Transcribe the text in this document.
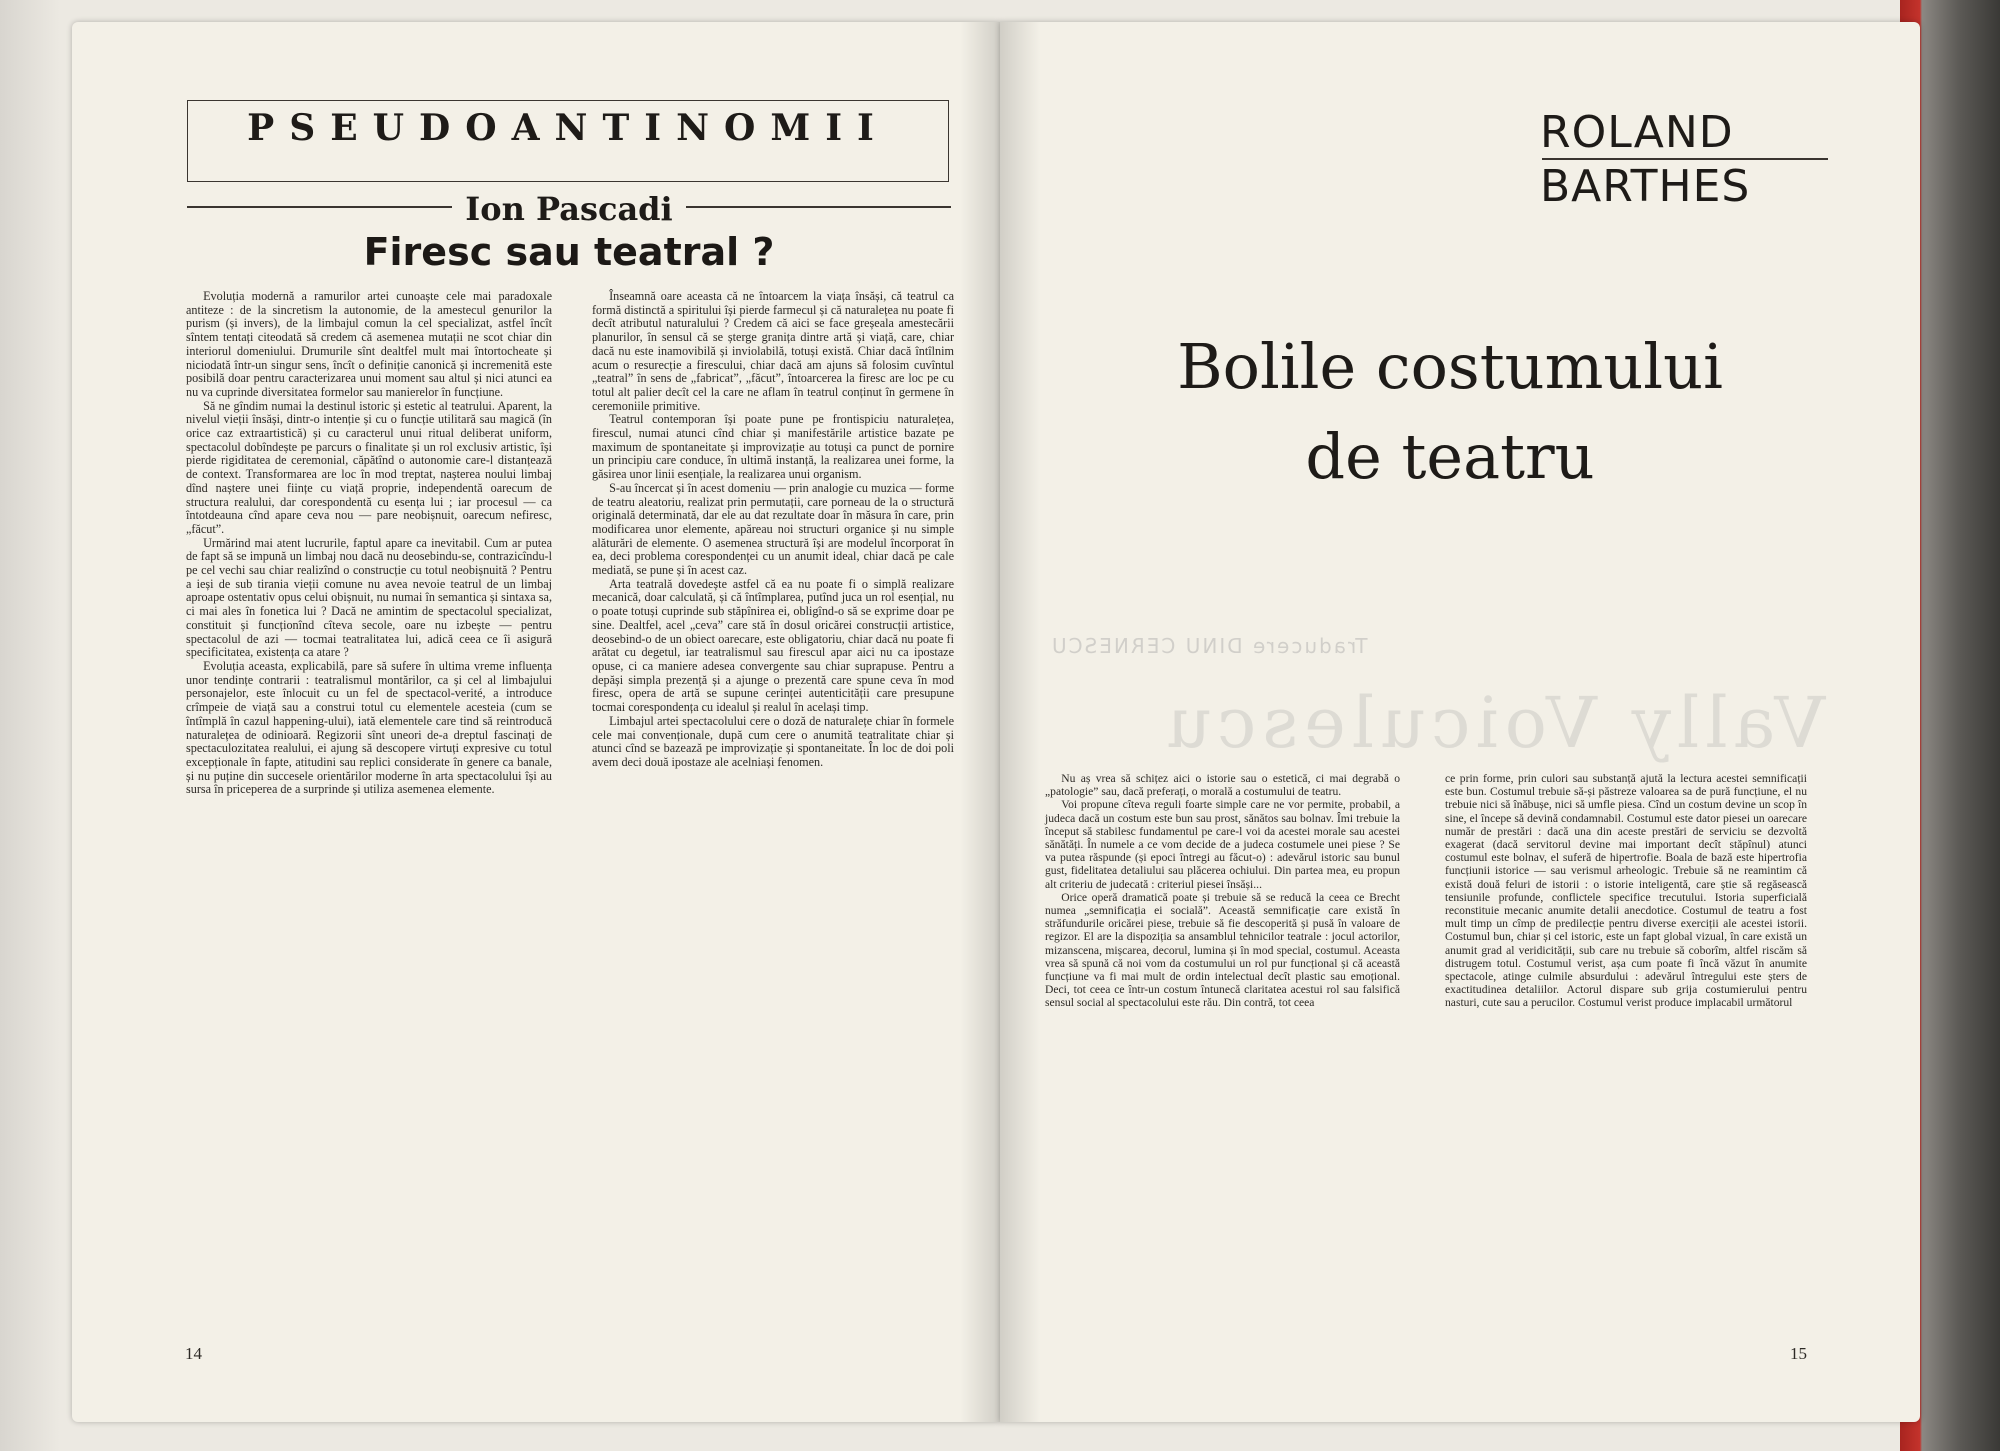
PSEUDOANTINOMII
Ion Pascadi
Firesc sau teatral ?

Evoluția modernă a ramurilor artei cunoaște cele mai paradoxale antiteze : de la sincretism la autonomie, de la amestecul genurilor la purism (și invers), de la limbajul comun la cel specializat, astfel încît sîntem tentați citeodată să credem că asemenea mutații ne scot chiar din interiorul domeniului. Drumurile sînt dealtfel mult mai întortocheate și niciodată într-un singur sens, încît o definiție canonică și incremenită este posibilă doar pentru caracterizarea unui moment sau altul și nici atunci ea nu va cuprinde diversitatea formelor sau manierelor în funcțiune.

Să ne gîndim numai la destinul istoric și estetic al teatrului. Aparent, la nivelul vieții însăși, dintr-o intenție și cu o funcție utilitară sau magică (în orice caz extraartistică) și cu caracterul unui ritual deliberat uniform, spectacolul dobîndește pe parcurs o finalitate și un rol exclusiv artistic, își pierde rigiditatea de ceremonial, căpătînd o autonomie care-l distanțează de context. Transformarea are loc în mod treptat, nașterea noului limbaj dînd naștere unei ființe cu viață proprie, independentă oarecum de structura realului, dar corespondentă cu esența lui ; iar procesul — ca întotdeauna cînd apare ceva nou — pare neobișnuit, oarecum nefiresc, „făcut”.

Urmărind mai atent lucrurile, faptul apare ca inevitabil. Cum ar putea de fapt să se impună un limbaj nou dacă nu deosebindu-se, contrazicîndu-l pe cel vechi sau chiar realizînd o construcție cu totul neobișnuită ? Pentru a ieși de sub tirania vieții comune nu avea nevoie teatrul de un limbaj aproape ostentativ opus celui obișnuit, nu numai în semantica și sintaxa sa, ci mai ales în fonetica lui ? Dacă ne amintim de spectacolul specializat, constituit și funcționînd cîteva secole, oare nu izbește — pentru spectacolul de azi — tocmai teatralitatea lui, adică ceea ce îi asigură specificitatea, existența ca atare ?

Evoluția aceasta, explicabilă, pare să sufere în ultima vreme influența unor tendințe contrarii : teatralismul montărilor, ca și cel al limbajului personajelor, este înlocuit cu un fel de spectacol-verité, a introduce crîmpeie de viață sau a construi totul cu elementele acesteia (cum se întîmplă în cazul happening-ului), iată elementele care tind să reintroducă naturalețea de odinioară. Regizorii sînt uneori de-a dreptul fascinați de spectaculozitatea realului, ei ajung să descopere virtuți expresive cu totul excepționale în fapte, atitudini sau replici considerate în genere ca banale, și nu puține din succesele orientărilor moderne în arta spectacolului își au sursa în priceperea de a surprinde și utiliza asemenea elemente.

Înseamnă oare aceasta că ne întoarcem la viața însăși, că teatrul ca formă distinctă a spiritului își pierde farmecul și că naturalețea nu poate fi decît atributul naturalului ? Credem că aici se face greșeala amestecării planurilor, în sensul că se șterge granița dintre artă și viață, care, chiar dacă nu este inamovibilă și inviolabilă, totuși există. Chiar dacă întîlnim acum o resurecție a firescului, chiar dacă am ajuns să folosim cuvîntul „teatral” în sens de „fabricat”, „făcut”, întoarcerea la firesc are loc pe cu totul alt palier decît cel la care ne aflam în teatrul conținut în germene în ceremoniile primitive.

Teatrul contemporan își poate pune pe frontispiciu naturalețea, firescul, numai atunci cînd chiar și manifestările artistice bazate pe maximum de spontaneitate și improvizație au totuși ca punct de pornire un principiu care conduce, în ultimă instanță, la realizarea unei forme, la găsirea unor linii esențiale, la realizarea unui organism.

S-au încercat și în acest domeniu — prin analogie cu muzica — forme de teatru aleatoriu, realizat prin permutații, care porneau de la o structură originală determinată, dar ele au dat rezultate doar în măsura în care, prin modificarea unor elemente, apăreau noi structuri organice și nu simple alăturări de elemente. O asemenea structură își are modelul încorporat în ea, deci problema corespondenței cu un anumit ideal, chiar dacă pe cale mediată, se pune și în acest caz.

Arta teatrală dovedește astfel că ea nu poate fi o simplă realizare mecanică, doar calculată, și că întîmplarea, putînd juca un rol esențial, nu o poate totuși cuprinde sub stăpînirea ei, obligînd-o să se exprime doar pe sine. Dealtfel, acel „ceva” care stă în dosul oricărei construcții artistice, deosebind-o de un obiect oarecare, este obligatoriu, chiar dacă nu poate fi arătat cu degetul, iar teatralismul sau firescul apar aici nu ca ipostaze opuse, ci ca maniere adesea convergente sau chiar suprapuse. Pentru a depăși simpla prezență și a ajunge o prezentă care spune ceva în mod firesc, opera de artă se supune cerinței autenticității care presupune tocmai corespondența cu idealul și realul în același timp.

Limbajul artei spectacolului cere o doză de naturalețe chiar în formele cele mai convenționale, după cum cere o anumită teatralitate chiar și atunci cînd se bazează pe improvizație și spontaneitate. În loc de doi poli avem deci două ipostaze ale acelniași fenomen.

14
ROLAND
BARTHES
Bolile costumului
de teatru
Traducere DINU CERNESCU
Vally Voiculescu

Nu aș vrea să schițez aici o istorie sau o estetică, ci mai degrabă o „patologie” sau, dacă preferați, o morală a costumului de teatru.

Voi propune cîteva reguli foarte simple care ne vor permite, probabil, a judeca dacă un costum este bun sau prost, sănătos sau bolnav. Îmi trebuie la început să stabilesc fundamentul pe care-l voi da acestei morale sau acestei sănătăți. În numele a ce vom decide de a judeca costumele unei piese ? Se va putea răspunde (și epoci întregi au făcut-o) : adevărul istoric sau bunul gust, fidelitatea detaliului sau plăcerea ochiului. Din partea mea, eu propun alt criteriu de judecată : criteriul piesei însăși...

Orice operă dramatică poate și trebuie să se reducă la ceea ce Brecht numea „semnificația ei socială”. Această semnificație care există în străfundurile oricărei piese, trebuie să fie descoperită și pusă în valoare de regizor. El are la dispoziția sa ansamblul tehnicilor teatrale : jocul actorilor, mizanscena, mișcarea, decorul, lumina și în mod special, costumul. Aceasta vrea să spună că noi vom da costumului un rol pur funcțional și că această funcțiune va fi mai mult de ordin intelectual decît plastic sau emoțional. Deci, tot ceea ce într-un costum întunecă claritatea acestui rol sau falsifică sensul social al spectacolului este rău. Din contră, tot ceea

ce prin forme, prin culori sau substanță ajută la lectura acestei semnificații este bun. Costumul trebuie să-și păstreze valoarea sa de pură funcțiune, el nu trebuie nici să înăbușe, nici să umfle piesa. Cînd un costum devine un scop în sine, el începe să devină condamnabil. Costumul este dator piesei un oarecare număr de prestări : dacă una din aceste prestări de serviciu se dezvoltă exagerat (dacă servitorul devine mai important decît stăpînul) atunci costumul este bolnav, el suferă de hipertrofie. Boala de bază este hipertrofia funcțiunii istorice — sau verismul arheologic. Trebuie să ne reamintim că există două feluri de istorii : o istorie inteligentă, care știe să regăsească tensiunile profunde, conflictele specifice trecutului. Istoria superficială reconstituie mecanic anumite detalii anecdotice. Costumul de teatru a fost mult timp un cîmp de predilecție pentru diverse exerciții ale acestei istorii. Costumul bun, chiar și cel istoric, este un fapt global vizual, în care există un anumit grad al veridicității, sub care nu trebuie să coborîm, altfel riscăm să distrugem totul. Costumul verist, așa cum poate fi încă văzut în anumite spectacole, atinge culmile absurdului : adevărul întregului este șters de exactitudinea detaliilor. Actorul dispare sub grija costumierului pentru nasturi, cute sau a perucilor. Costumul verist produce implacabil următorul

15
